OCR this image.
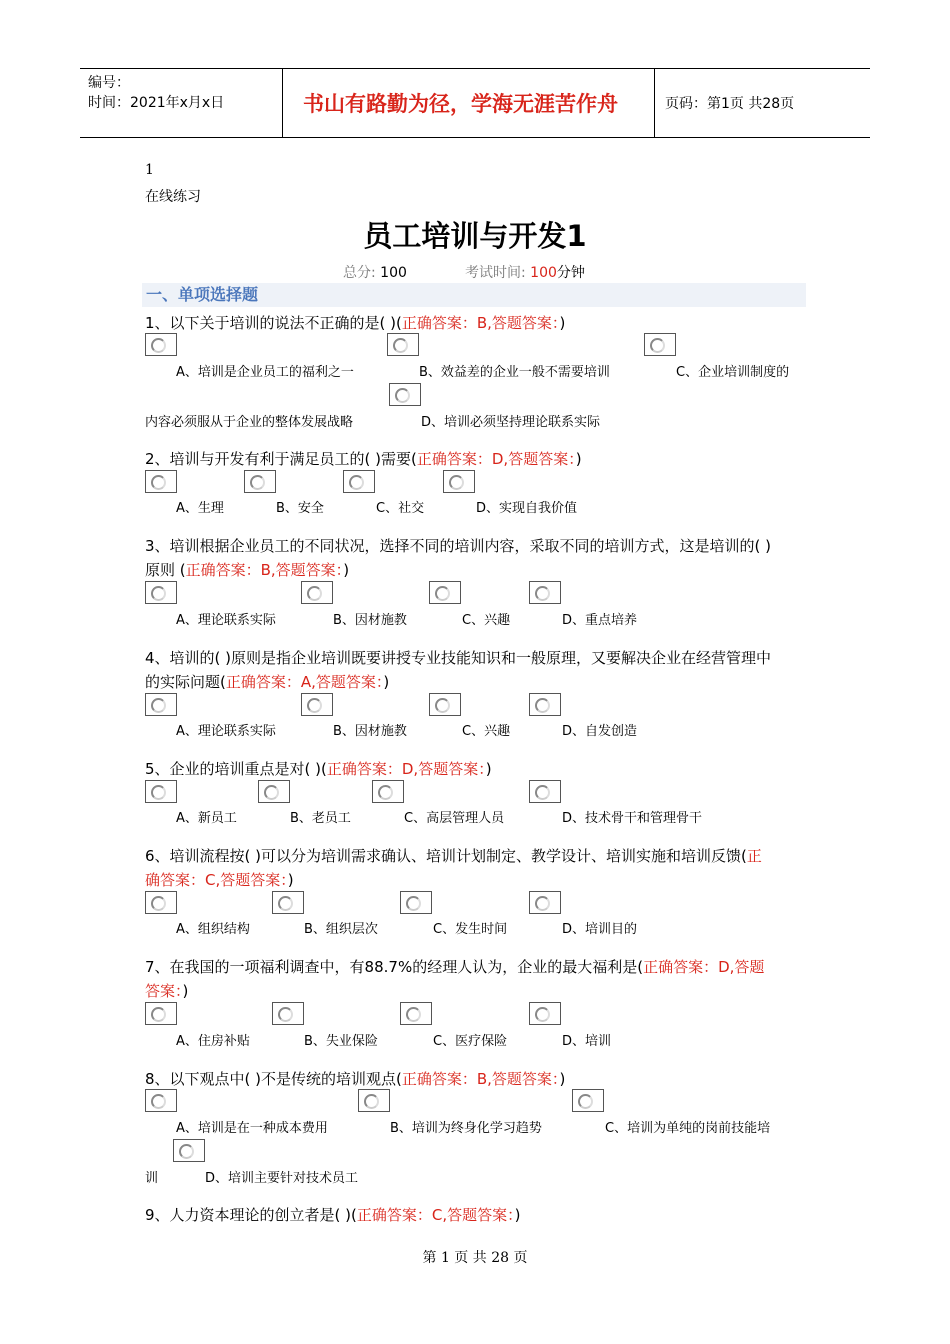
编号：
时间：2021年x月x日	书山有路勤为径，学海无涯苦作舟	页码：第1页 共28页
1
在线练习
员工培训与开发1
总分: 100	考试时间: 100分钟
一、单项选择题
1、以下关于培训的说法不正确的是( )(正确答案：B,答题答案：)
A、培训是企业员工的福利之一	B、效益差的企业一般不需要培训	C、企业培训制度的
内容必须服从于企业的整体发展战略	D、培训必须坚持理论联系实际
2、培训与开发有利于满足员工的( )需要(正确答案：D,答题答案：)
A、生理	B、安全	C、社交	D、实现自我价值
3、培训根据企业员工的不同状况，选择不同的培训内容，采取不同的培训方式，这是培训的( )
原则 (正确答案：B,答题答案：)
A、理论联系实际	B、因材施教	C、兴趣	D、重点培养
4、培训的( )原则是指企业培训既要讲授专业技能知识和一般原理，又要解决企业在经营管理中
的实际问题(正确答案：A,答题答案：)
A、理论联系实际	B、因材施教	C、兴趣	D、自发创造
5、企业的培训重点是对( )(正确答案：D,答题答案：)
A、新员工	B、老员工	C、高层管理人员	D、技术骨干和管理骨干
6、培训流程按( )可以分为培训需求确认、培训计划制定、教学设计、培训实施和培训反馈(正
确答案：C,答题答案：)
A、组织结构	B、组织层次	C、发生时间	D、培训目的
7、在我国的一项福利调查中，有88.7%的经理人认为，企业的最大福利是(正确答案：D,答题
答案：)
A、住房补贴	B、失业保险	C、医疗保险	D、培训
8、以下观点中( )不是传统的培训观点(正确答案：B,答题答案：)
A、培训是在一种成本费用	B、培训为终身化学习趋势	C、培训为单纯的岗前技能培
训	D、培训主要针对技术员工
9、人力资本理论的创立者是( )(正确答案：C,答题答案：)
第 1 页 共 28 页
